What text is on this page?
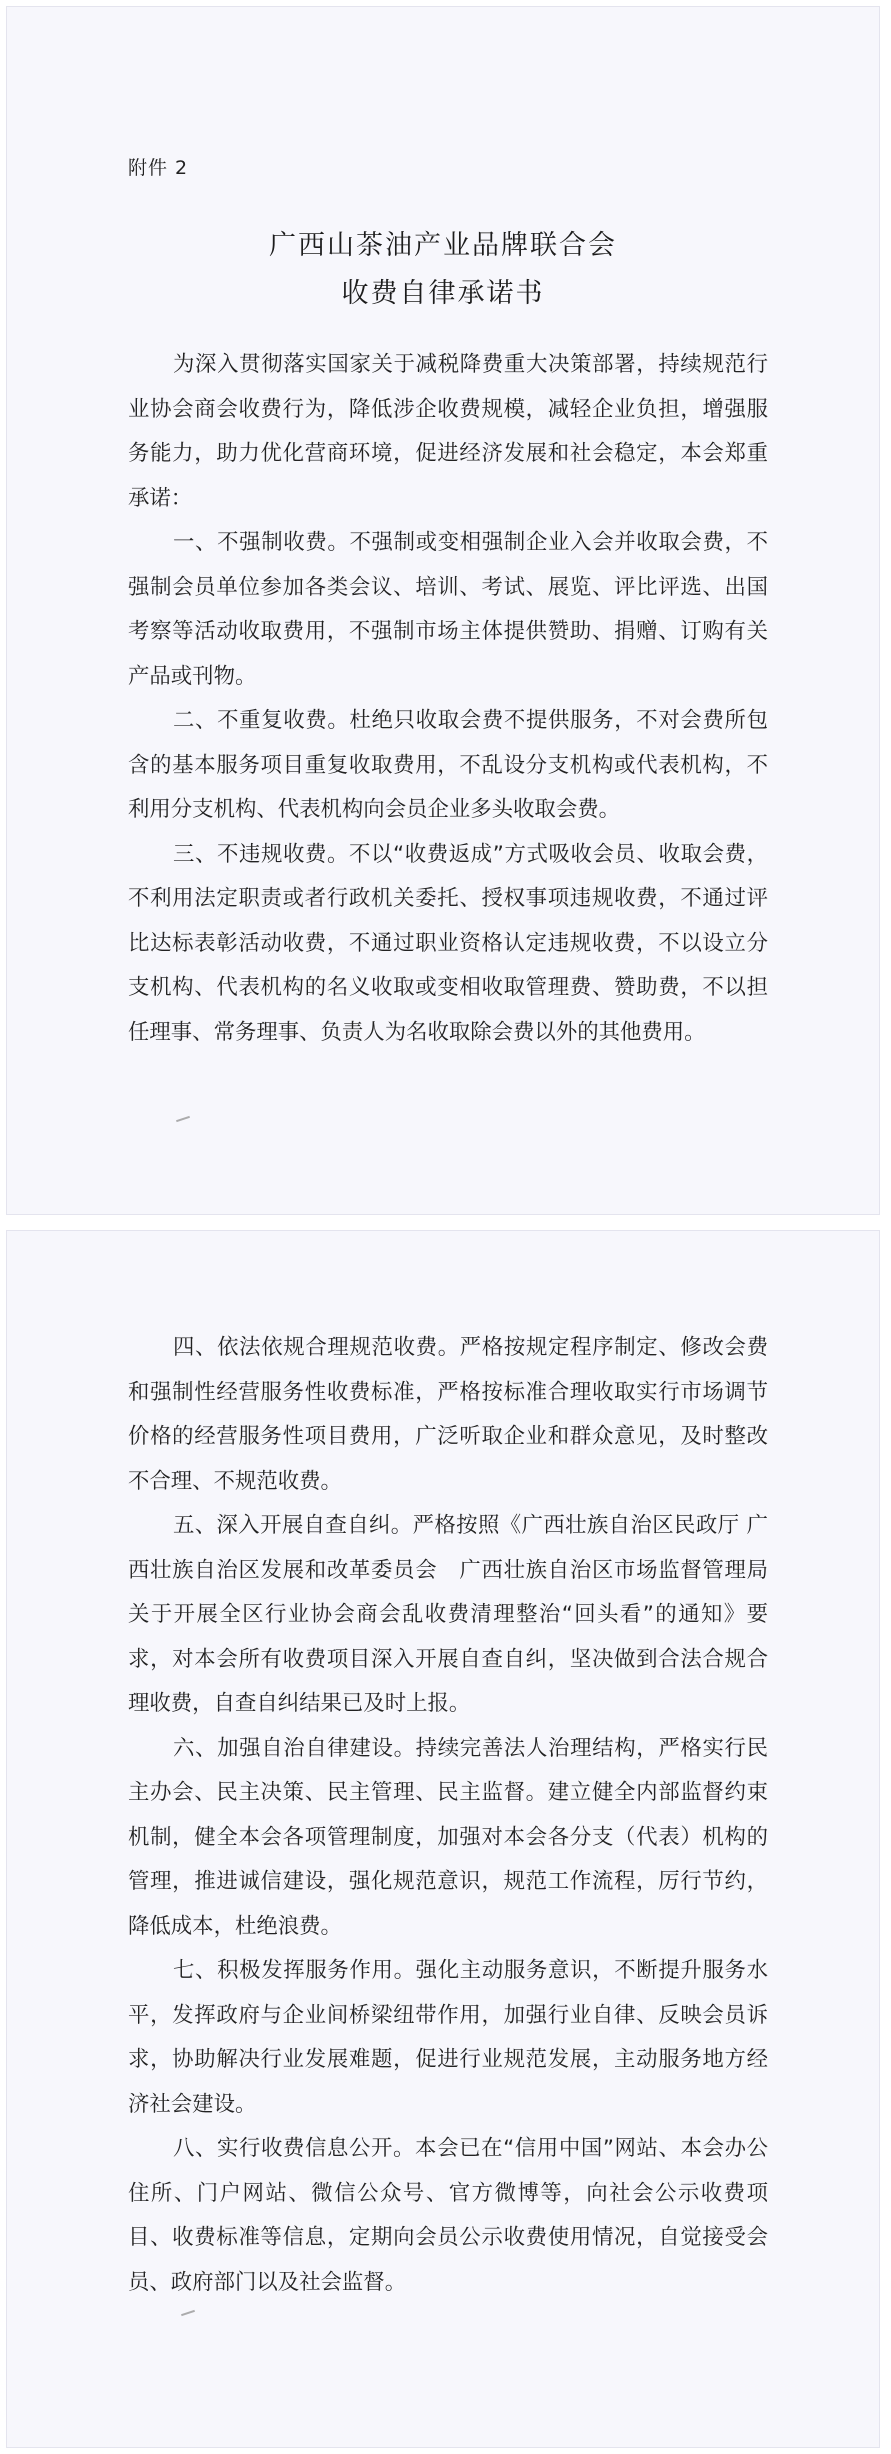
附件 2
广西山茶油产业品牌联合会
收费自律承诺书

为深入贯彻落实国家关于减税降费重大决策部署，持续规范行业协会商会收费行为，降低涉企收费规模，减轻企业负担，增强服务能力，助力优化营商环境，促进经济发展和社会稳定，本会郑重承诺：

一、不强制收费。不强制或变相强制企业入会并收取会费，不强制会员单位参加各类会议、培训、考试、展览、评比评选、出国考察等活动收取费用，不强制市场主体提供赞助、捐赠、订购有关产品或刊物。

二、不重复收费。杜绝只收取会费不提供服务，不对会费所包含的基本服务项目重复收取费用，不乱设分支机构或代表机构，不利用分支机构、代表机构向会员企业多头收取会费。

三、不违规收费。不以“收费返成”方式吸收会员、收取会费，不利用法定职责或者行政机关委托、授权事项违规收费，不通过评比达标表彰活动收费，不通过职业资格认定违规收费，不以设立分支机构、代表机构的名义收取或变相收取管理费、赞助费，不以担任理事、常务理事、负责人为名收取除会费以外的其他费用。

四、依法依规合理规范收费。严格按规定程序制定、修改会费和强制性经营服务性收费标准，严格按标准合理收取实行市场调节价格的经营服务性项目费用，广泛听取企业和群众意见，及时整改不合理、不规范收费。

五、深入开展自查自纠。严格按照《广西壮族自治区民政厅 广西壮族自治区发展和改革委员会　广西壮族自治区市场监督管理局关于开展全区行业协会商会乱收费清理整治“回头看”的通知》要求，对本会所有收费项目深入开展自查自纠，坚决做到合法合规合理收费，自查自纠结果已及时上报。

六、加强自治自律建设。持续完善法人治理结构，严格实行民主办会、民主决策、民主管理、民主监督。建立健全内部监督约束机制，健全本会各项管理制度，加强对本会各分支（代表）机构的管理，推进诚信建设，强化规范意识，规范工作流程，厉行节约，降低成本，杜绝浪费。

七、积极发挥服务作用。强化主动服务意识，不断提升服务水平，发挥政府与企业间桥梁纽带作用，加强行业自律、反映会员诉求，协助解决行业发展难题，促进行业规范发展，主动服务地方经济社会建设。

八、实行收费信息公开。本会已在“信用中国”网站、本会办公住所、门户网站、微信公众号、官方微博等，向社会公示收费项目、收费标准等信息，定期向会员公示收费使用情况，自觉接受会员、政府部门以及社会监督。
